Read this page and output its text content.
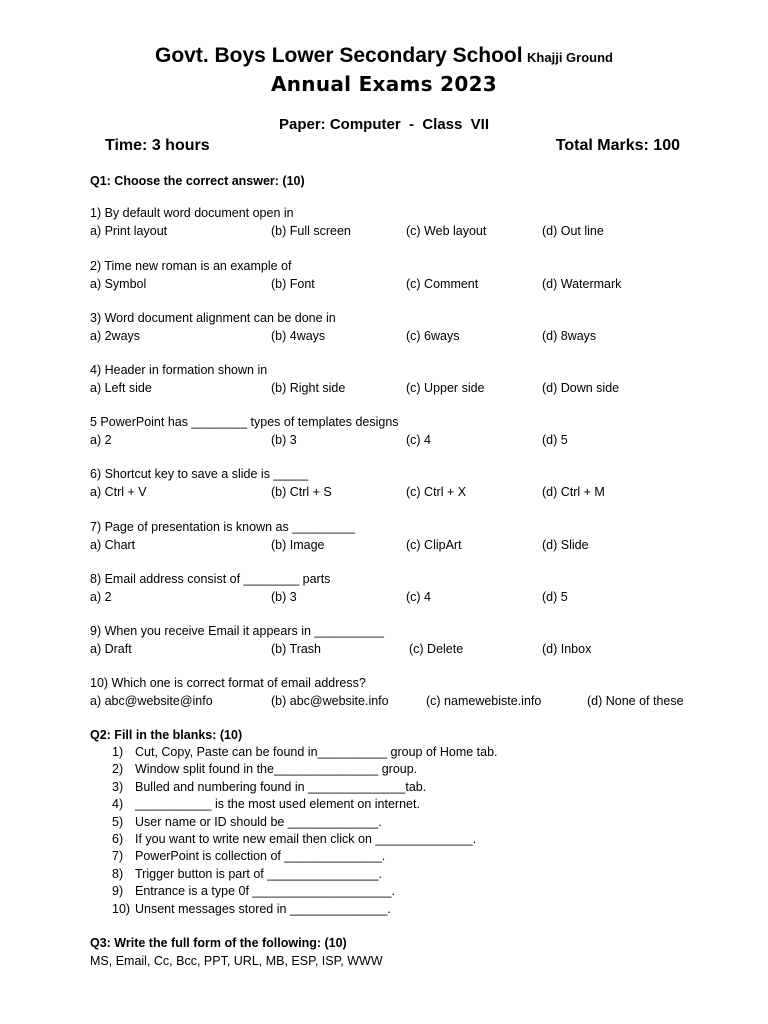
Govt. Boys Lower Secondary School Khajji Ground
Annual Exams 2023
Paper: Computer  -  Class  VII
Time: 3 hours	Total Marks: 100
Q1: Choose the correct answer: (10)
1) By default word document open in
a) Print layout	(b) Full screen	(c) Web layout	(d) Out line
2) Time new roman is an example of
a) Symbol	(b) Font	(c) Comment	(d) Watermark
3) Word document alignment can be done in
a) 2ways	(b) 4ways	(c) 6ways	(d) 8ways
4) Header in formation shown in
a) Left side	(b) Right side	(c) Upper side	(d) Down side
5 PowerPoint has ________ types of templates designs
a) 2	(b) 3	(c) 4	(d) 5
6) Shortcut key to save a slide is _____
a) Ctrl + V	(b) Ctrl + S	(c) Ctrl + X	(d) Ctrl + M
7) Page of presentation is known as _________
a) Chart	(b) Image	(c) ClipArt	(d) Slide
8) Email address consist of ________ parts
a) 2	(b) 3	(c) 4	(d) 5
9) When you receive Email it appears in __________
a) Draft	(b) Trash	(c) Delete	(d) Inbox
10) Which one is correct format of email address?
a) abc@website@info	(b) abc@website.info	(c) namewebiste.info	(d) None of these
Q2: Fill in the blanks: (10)
1) Cut, Copy, Paste can be found in__________ group of Home tab.
2) Window split found in the_______________ group.
3) Bulled and numbering found in ______________tab.
4) ___________ is the most used element on internet.
5) User name or ID should be _____________.
6) If you want to write new email then click on ______________.
7) PowerPoint is collection of ______________.
8) Trigger button is part of ________________.
9) Entrance is a type 0f ____________________.
10) Unsent messages stored in ______________.
Q3: Write the full form of the following: (10)
MS, Email, Cc, Bcc, PPT, URL, MB, ESP, ISP, WWW
